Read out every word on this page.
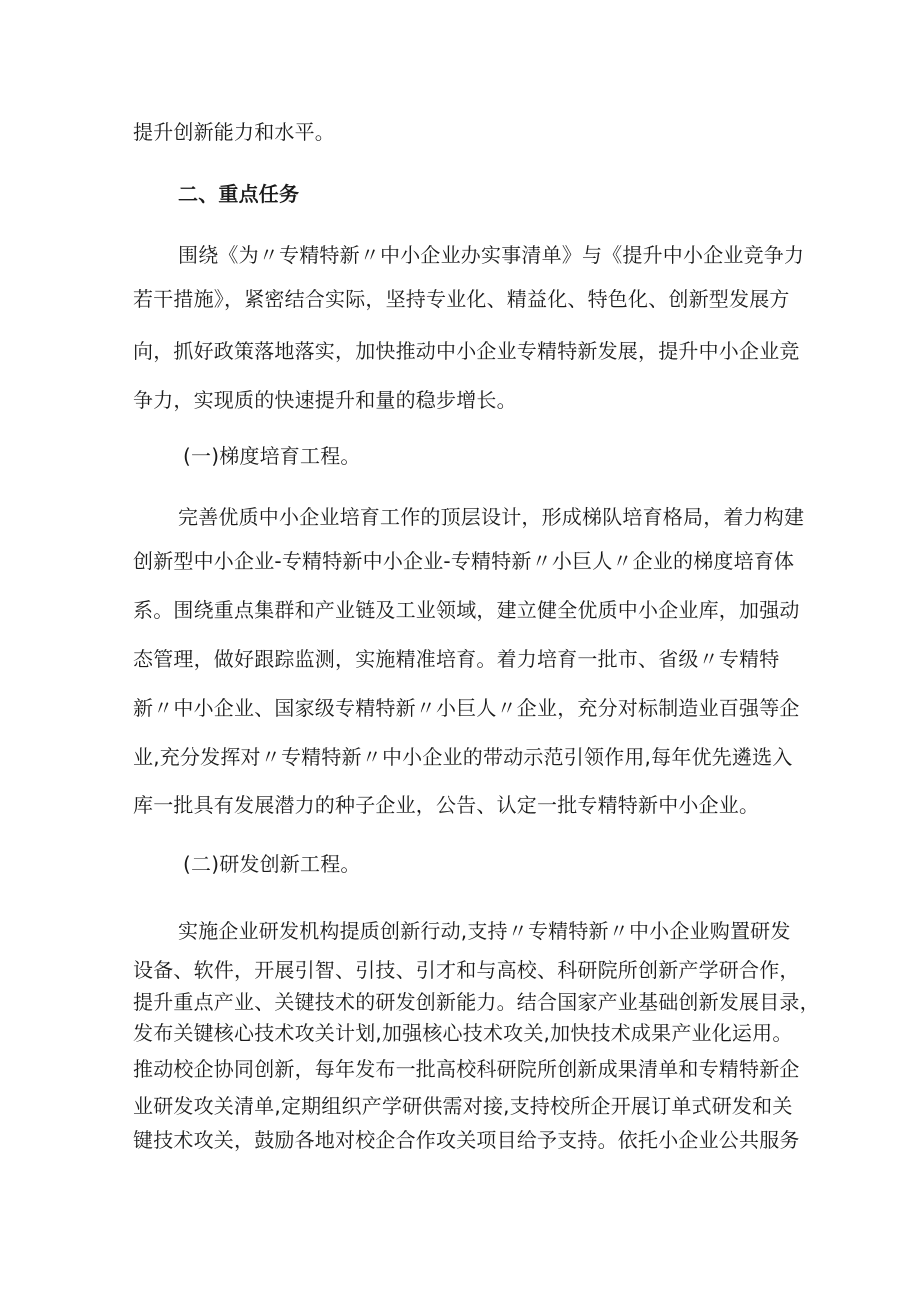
提升创新能力和水平。
二、重点任务
围绕《为〃专精特新〃中小企业办实事清单》与《提升中小企业竞争力
若干措施》，紧密结合实际，坚持专业化、精益化、特色化、创新型发展方
向，抓好政策落地落实，加快推动中小企业专精特新发展，提升中小企业竞
争力，实现质的快速提升和量的稳步增长。
(一)梯度培育工程。
完善优质中小企业培育工作的顶层设计，形成梯队培育格局，着力构建
创新型中小企业-专精特新中小企业-专精特新〃小巨人〃企业的梯度培育体
系。围绕重点集群和产业链及工业领域，建立健全优质中小企业库，加强动
态管理，做好跟踪监测，实施精准培育。着力培育一批市、省级〃专精特
新〃中小企业、国家级专精特新〃小巨人〃企业，充分对标制造业百强等企
业,充分发挥对〃专精特新〃中小企业的带动示范引领作用,每年优先遴选入
库一批具有发展潜力的种子企业，公告、认定一批专精特新中小企业。
(二)研发创新工程。
实施企业研发机构提质创新行动,支持〃专精特新〃中小企业购置研发
设备、软件，开展引智、引技、引才和与高校、科研院所创新产学研合作，
提升重点产业、关键技术的研发创新能力。结合国家产业基础创新发展目录，
发布关键核心技术攻关计划,加强核心技术攻关,加快技术成果产业化运用。
推动校企协同创新，每年发布一批高校科研院所创新成果清单和专精特新企
业研发攻关清单,定期组织产学研供需对接,支持校所企开展订单式研发和关
键技术攻关，鼓励各地对校企合作攻关项目给予支持。依托小企业公共服务
